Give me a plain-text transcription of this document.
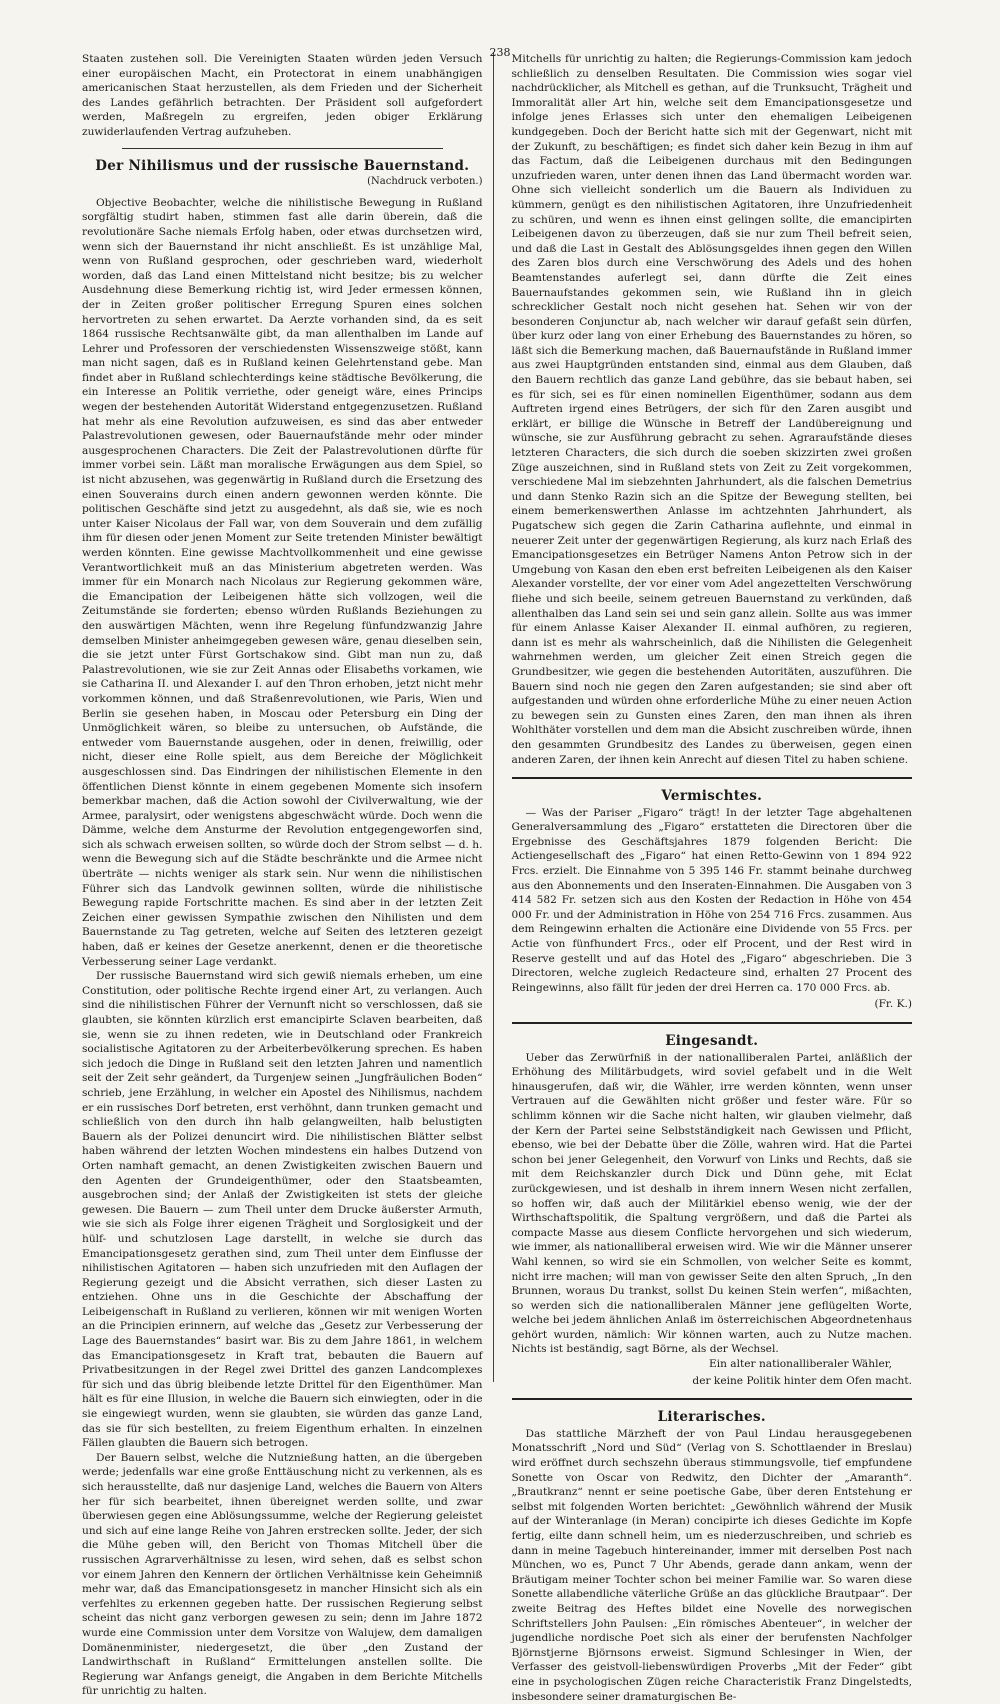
238

Staaten zustehen soll. Die Vereinigten Staaten würden jeden Versuch einer europäischen Macht, ein Protectorat in einem unabhängigen americanischen Staat herzustellen, als dem Frieden und der Sicherheit des Landes gefährlich betrachten. Der Präsident soll aufgefordert werden, Maßregeln zu ergreifen, jeden obiger Erklärung zuwiderlaufenden Vertrag aufzuheben.

Der Nihilismus und der russische Bauernstand.
(Nachdruck verboten.)

Objective Beobachter, welche die nihilistische Bewegung in Rußland sorgfältig studirt haben, stimmen fast alle darin überein, daß die revolutionäre Sache niemals Erfolg haben, oder etwas durchsetzen wird, wenn sich der Bauernstand ihr nicht anschließt. Es ist unzählige Mal, wenn von Rußland gesprochen, oder geschrieben ward, wiederholt worden, daß das Land einen Mittelstand nicht besitze; bis zu welcher Ausdehnung diese Bemerkung richtig ist, wird Jeder ermessen können, der in Zeiten großer politischer Erregung Spuren eines solchen hervortreten zu sehen erwartet. Da Aerzte vorhanden sind, da es seit 1864 russische Rechtsanwälte gibt, da man allenthalben im Lande auf Lehrer und Professoren der verschiedensten Wissenszweige stößt, kann man nicht sagen, daß es in Rußland keinen Gelehrtenstand gebe. Man findet aber in Rußland schlechterdings keine städtische Bevölkerung, die ein Interesse an Politik verriethe, oder geneigt wäre, eines Princips wegen der bestehenden Autorität Widerstand entgegenzusetzen. Rußland hat mehr als eine Revolution aufzuweisen, es sind das aber entweder Palastrevolutionen gewesen, oder Bauernaufstände mehr oder minder ausgesprochenen Characters. Die Zeit der Palastrevolutionen dürfte für immer vorbei sein. Läßt man moralische Erwägungen aus dem Spiel, so ist nicht abzusehen, was gegenwärtig in Rußland durch die Ersetzung des einen Souverains durch einen andern gewonnen werden könnte. Die politischen Geschäfte sind jetzt zu ausgedehnt, als daß sie, wie es noch unter Kaiser Nicolaus der Fall war, von dem Souverain und dem zufällig ihm für diesen oder jenen Moment zur Seite tretenden Minister bewältigt werden könnten. Eine gewisse Machtvollkommenheit und eine gewisse Verantwortlichkeit muß an das Ministerium abgetreten werden. Was immer für ein Monarch nach Nicolaus zur Regierung gekommen wäre, die Emancipation der Leibeigenen hätte sich vollzogen, weil die Zeitumstände sie forderten; ebenso würden Rußlands Beziehungen zu den auswärtigen Mächten, wenn ihre Regelung fünfundzwanzig Jahre demselben Minister anheimgegeben gewesen wäre, genau dieselben sein, die sie jetzt unter Fürst Gortschakow sind. Gibt man nun zu, daß Palastrevolutionen, wie sie zur Zeit Annas oder Elisabeths vorkamen, wie sie Catharina II. und Alexander I. auf den Thron erhoben, jetzt nicht mehr vorkommen können, und daß Straßenrevolutionen, wie Paris, Wien und Berlin sie gesehen haben, in Moscau oder Petersburg ein Ding der Unmöglichkeit wären, so bleibe zu untersuchen, ob Aufstände, die entweder vom Bauernstande ausgehen, oder in denen, freiwillig, oder nicht, dieser eine Rolle spielt, aus dem Bereiche der Möglichkeit ausgeschlossen sind. Das Eindringen der nihilistischen Elemente in den öffentlichen Dienst könnte in einem gegebenen Momente sich insofern bemerkbar machen, daß die Action sowohl der Civilverwaltung, wie der Armee, paralysirt, oder wenigstens abgeschwächt würde. Doch wenn die Dämme, welche dem Ansturme der Revolution entgegengeworfen sind, sich als schwach erweisen sollten, so würde doch der Strom selbst — d. h. wenn die Bewegung sich auf die Städte beschränkte und die Armee nicht überträte — nichts weniger als stark sein. Nur wenn die nihilistischen Führer sich das Landvolk gewinnen sollten, würde die nihilistische Bewegung rapide Fortschritte machen. Es sind aber in der letzten Zeit Zeichen einer gewissen Sympathie zwischen den Nihilisten und dem Bauernstande zu Tag getreten, welche auf Seiten des letzteren gezeigt haben, daß er keines der Gesetze anerkennt, denen er die theoretische Verbesserung seiner Lage verdankt.

Der russische Bauernstand wird sich gewiß niemals erheben, um eine Constitution, oder politische Rechte irgend einer Art, zu verlangen. Auch sind die nihilistischen Führer der Vernunft nicht so verschlossen, daß sie glaubten, sie könnten kürzlich erst emancipirte Sclaven bearbeiten, daß sie, wenn sie zu ihnen redeten, wie in Deutschland oder Frankreich socialistische Agitatoren zu der Arbeiterbevölkerung sprechen. Es haben sich jedoch die Dinge in Rußland seit den letzten Jahren und namentlich seit der Zeit sehr geändert, da Turgenjew seinen „Jungfräulichen Boden“ schrieb, jene Erzählung, in welcher ein Apostel des Nihilismus, nachdem er ein russisches Dorf betreten, erst verhöhnt, dann trunken gemacht und schließlich von den durch ihn halb gelangweilten, halb belustigten Bauern als der Polizei denuncirt wird. Die nihilistischen Blätter selbst haben während der letzten Wochen mindestens ein halbes Dutzend von Orten namhaft gemacht, an denen Zwistigkeiten zwischen Bauern und den Agenten der Grundeigenthümer, oder den Staatsbeamten, ausgebrochen sind; der Anlaß der Zwistigkeiten ist stets der gleiche gewesen. Die Bauern — zum Theil unter dem Drucke äußerster Armuth, wie sie sich als Folge ihrer eigenen Trägheit und Sorglosigkeit und der hülf- und schutzlosen Lage darstellt, in welche sie durch das Emancipationsgesetz gerathen sind, zum Theil unter dem Einflusse der nihilistischen Agitatoren — haben sich unzufrieden mit den Auflagen der Regierung gezeigt und die Absicht verrathen, sich dieser Lasten zu entziehen. Ohne uns in die Geschichte der Abschaffung der Leibeigenschaft in Rußland zu verlieren, können wir mit wenigen Worten an die Principien erinnern, auf welche das „Gesetz zur Verbesserung der Lage des Bauernstandes“ basirt war. Bis zu dem Jahre 1861, in welchem das Emancipationsgesetz in Kraft trat, bebauten die Bauern auf Privatbesitzungen in der Regel zwei Drittel des ganzen Landcomplexes für sich und das übrig bleibende letzte Drittel für den Eigenthümer. Man hält es für eine Illusion, in welche die Bauern sich einwiegten, oder in die sie eingewiegt wurden, wenn sie glaubten, sie würden das ganze Land, das sie für sich bestellten, zu freiem Eigenthum erhalten. In einzelnen Fällen glaubten die Bauern sich betrogen.

Der Bauern selbst, welche die Nutznießung hatten, an die übergeben werde; jedenfalls war eine große Enttäuschung nicht zu verkennen, als es sich herausstellte, daß nur dasjenige Land, welches die Bauern von Alters her für sich bearbeitet, ihnen übereignet werden sollte, und zwar überwiesen gegen eine Ablösungssumme, welche der Regierung geleistet und sich auf eine lange Reihe von Jahren erstrecken sollte. Jeder, der sich die Mühe geben will, den Bericht von Thomas Mitchell über die russischen Agrarverhältnisse zu lesen, wird sehen, daß es selbst schon vor einem Jahren den Kennern der örtlichen Verhältnisse kein Geheimniß mehr war, daß das Emancipationsgesetz in mancher Hinsicht sich als ein verfehltes zu erkennen gegeben hatte. Der russischen Regierung selbst scheint das nicht ganz verborgen gewesen zu sein; denn im Jahre 1872 wurde eine Commission unter dem Vorsitze von Walujew, dem damaligen Domänenminister, niedergesetzt, die über „den Zustand der Landwirthschaft in Rußland“ Ermittelungen anstellen sollte. Die Regierung war Anfangs geneigt, die Angaben in dem Berichte Mitchells für unrichtig zu halten.

Mitchells für unrichtig zu halten; die Regierungs-Commission kam jedoch schließlich zu denselben Resultaten. Die Commission wies sogar viel nachdrücklicher, als Mitchell es gethan, auf die Trunksucht, Trägheit und Immoralität aller Art hin, welche seit dem Emancipationsgesetze und infolge jenes Erlasses sich unter den ehemaligen Leibeigenen kundgegeben. Doch der Bericht hatte sich mit der Gegenwart, nicht mit der Zukunft, zu beschäftigen; es findet sich daher kein Bezug in ihm auf das Factum, daß die Leibeigenen durchaus mit den Bedingungen unzufrieden waren, unter denen ihnen das Land übermacht worden war. Ohne sich vielleicht sonderlich um die Bauern als Individuen zu kümmern, genügt es den nihilistischen Agitatoren, ihre Unzufriedenheit zu schüren, und wenn es ihnen einst gelingen sollte, die emancipirten Leibeigenen davon zu überzeugen, daß sie nur zum Theil befreit seien, und daß die Last in Gestalt des Ablösungsgeldes ihnen gegen den Willen des Zaren blos durch eine Verschwörung des Adels und des hohen Beamtenstandes auferlegt sei, dann dürfte die Zeit eines Bauernaufstandes gekommen sein, wie Rußland ihn in gleich schrecklicher Gestalt noch nicht gesehen hat. Sehen wir von der besonderen Conjunctur ab, nach welcher wir darauf gefaßt sein dürfen, über kurz oder lang von einer Erhebung des Bauernstandes zu hören, so läßt sich die Bemerkung machen, daß Bauernaufstände in Rußland immer aus zwei Hauptgründen entstanden sind, einmal aus dem Glauben, daß den Bauern rechtlich das ganze Land gebühre, das sie bebaut haben, sei es für sich, sei es für einen nominellen Eigenthümer, sodann aus dem Auftreten irgend eines Betrügers, der sich für den Zaren ausgibt und erklärt, er billige die Wünsche in Betreff der Landübereignung und wünsche, sie zur Ausführung gebracht zu sehen. Agraraufstände dieses letzteren Characters, die sich durch die soeben skizzirten zwei großen Züge auszeichnen, sind in Rußland stets von Zeit zu Zeit vorgekommen, verschiedene Mal im siebzehnten Jahrhundert, als die falschen Demetrius und dann Stenko Razin sich an die Spitze der Bewegung stellten, bei einem bemerkenswerthen Anlasse im achtzehnten Jahrhundert, als Pugatschew sich gegen die Zarin Catharina auflehnte, und einmal in neuerer Zeit unter der gegenwärtigen Regierung, als kurz nach Erlaß des Emancipationsgesetzes ein Betrüger Namens Anton Petrow sich in der Umgebung von Kasan den eben erst befreiten Leibeigenen als den Kaiser Alexander vorstellte, der vor einer vom Adel angezettelten Verschwörung fliehe und sich beeile, seinem getreuen Bauernstand zu verkünden, daß allenthalben das Land sein sei und sein ganz allein. Sollte aus was immer für einem Anlasse Kaiser Alexander II. einmal aufhören, zu regieren, dann ist es mehr als wahrscheinlich, daß die Nihilisten die Gelegenheit wahrnehmen werden, um gleicher Zeit einen Streich gegen die Grundbesitzer, wie gegen die bestehenden Autoritäten, auszuführen. Die Bauern sind noch nie gegen den Zaren aufgestanden; sie sind aber oft aufgestanden und würden ohne erforderliche Mühe zu einer neuen Action zu bewegen sein zu Gunsten eines Zaren, den man ihnen als ihren Wohlthäter vorstellen und dem man die Absicht zuschreiben würde, ihnen den gesammten Grundbesitz des Landes zu überweisen, gegen einen anderen Zaren, der ihnen kein Anrecht auf diesen Titel zu haben schiene.

Vermischtes.

— Was der Pariser „Figaro“ trägt! In der letzter Tage abgehaltenen Generalversammlung des „Figaro“ erstatteten die Directoren über die Ergebnisse des Geschäftsjahres 1879 folgenden Bericht: Die Actiengesellschaft des „Figaro“ hat einen Retto-Gewinn von 1 894 922 Frcs. erzielt. Die Einnahme von 5 395 146 Fr. stammt beinahe durchweg aus den Abonnements und den Inseraten-Einnahmen. Die Ausgaben von 3 414 582 Fr. setzen sich aus den Kosten der Redaction in Höhe von 454 000 Fr. und der Administration in Höhe von 254 716 Frcs. zusammen. Aus dem Reingewinn erhalten die Actionäre eine Dividende von 55 Frcs. per Actie von fünfhundert Frcs., oder elf Procent, und der Rest wird in Reserve gestellt und auf das Hotel des „Figaro“ abgeschrieben. Die 3 Directoren, welche zugleich Redacteure sind, erhalten 27 Procent des Reingewinns, also fällt für jeden der drei Herren ca. 170 000 Frcs. ab.

(Fr. K.)
Eingesandt.

Ueber das Zerwürfniß in der nationalliberalen Partei, anläßlich der Erhöhung des Militärbudgets, wird soviel gefabelt und in die Welt hinausgerufen, daß wir, die Wähler, irre werden könnten, wenn unser Vertrauen auf die Gewählten nicht größer und fester wäre. Für so schlimm können wir die Sache nicht halten, wir glauben vielmehr, daß der Kern der Partei seine Selbstständigkeit nach Gewissen und Pflicht, ebenso, wie bei der Debatte über die Zölle, wahren wird. Hat die Partei schon bei jener Gelegenheit, den Vorwurf von Links und Rechts, daß sie mit dem Reichskanzler durch Dick und Dünn gehe, mit Eclat zurückgewiesen, und ist deshalb in ihrem innern Wesen nicht zerfallen, so hoffen wir, daß auch der Militärkiel ebenso wenig, wie der der Wirthschaftspolitik, die Spaltung vergrößern, und daß die Partei als compacte Masse aus diesem Conflicte hervorgehen und sich wiederum, wie immer, als nationalliberal erweisen wird. Wie wir die Männer unserer Wahl kennen, so wird sie ein Schmollen, von welcher Seite es kommt, nicht irre machen; will man von gewisser Seite den alten Spruch, „In den Brunnen, woraus Du trankst, sollst Du keinen Stein werfen“, mißachten, so werden sich die nationalliberalen Männer jene geflügelten Worte, welche bei jedem ähnlichen Anlaß im österreichischen Abgeordnetenhaus gehört wurden, nämlich: Wir können warten, auch zu Nutze machen. Nichts ist beständig, sagt Börne, als der Wechsel.

Ein alter nationalliberaler Wähler,
der keine Politik hinter dem Ofen macht.
Literarisches.

Das stattliche Märzheft der von Paul Lindau herausgegebenen Monatsschrift „Nord und Süd“ (Verlag von S. Schottlaender in Breslau) wird eröffnet durch sechszehn überaus stimmungsvolle, tief empfundene Sonette von Oscar von Redwitz, den Dichter der „Amaranth“. „Brautkranz“ nennt er seine poetische Gabe, über deren Entstehung er selbst mit folgenden Worten berichtet: „Gewöhnlich während der Musik auf der Winteranlage (in Meran) concipirte ich dieses Gedichte im Kopfe fertig, eilte dann schnell heim, um es niederzuschreiben, und schrieb es dann in meine Tagebuch hintereinander, immer mit derselben Post nach München, wo es, Punct 7 Uhr Abends, gerade dann ankam, wenn der Bräutigam meiner Tochter schon bei meiner Familie war. So waren diese Sonette allabendliche väterliche Grüße an das glückliche Brautpaar“. Der zweite Beitrag des Heftes bildet eine Novelle des norwegischen Schriftstellers John Paulsen: „Ein römisches Abenteuer“, in welcher der jugendliche nordische Poet sich als einer der berufensten Nachfolger Björnstjerne Björnsons erweist. Sigmund Schlesinger in Wien, der Verfasser des geistvoll-liebenswürdigen Proverbs „Mit der Feder“ gibt eine in psychologischen Zügen reiche Characteristik Franz Dingelstedts, insbesondere seiner dramaturgischen Be-
